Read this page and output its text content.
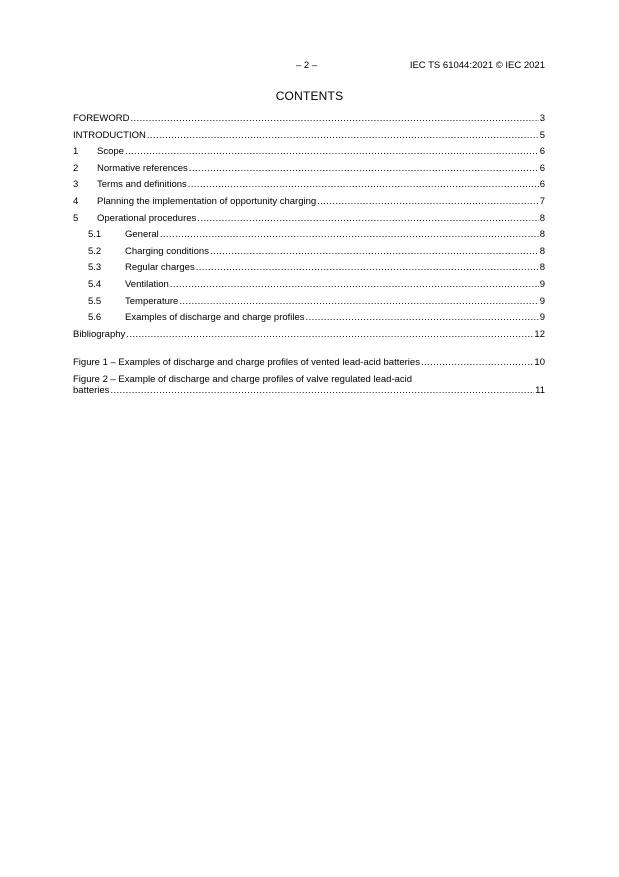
– 2 –	IEC TS 61044:2021 © IEC 2021
CONTENTS
FOREWORD .....	3
INTRODUCTION .....	5
1	Scope .....	6
2	Normative references .....	6
3	Terms and definitions .....	6
4	Planning the implementation of opportunity charging .....	7
5	Operational procedures .....	8
5.1	General .....	8
5.2	Charging conditions .....	8
5.3	Regular charges .....	8
5.4	Ventilation .....	9
5.5	Temperature .....	9
5.6	Examples of discharge and charge profiles .....	9
Bibliography .....	12
Figure 1 – Examples of discharge and charge profiles of vented lead-acid batteries .....	10
Figure 2 – Example of discharge and charge profiles of valve regulated lead-acid
batteries .....	11
